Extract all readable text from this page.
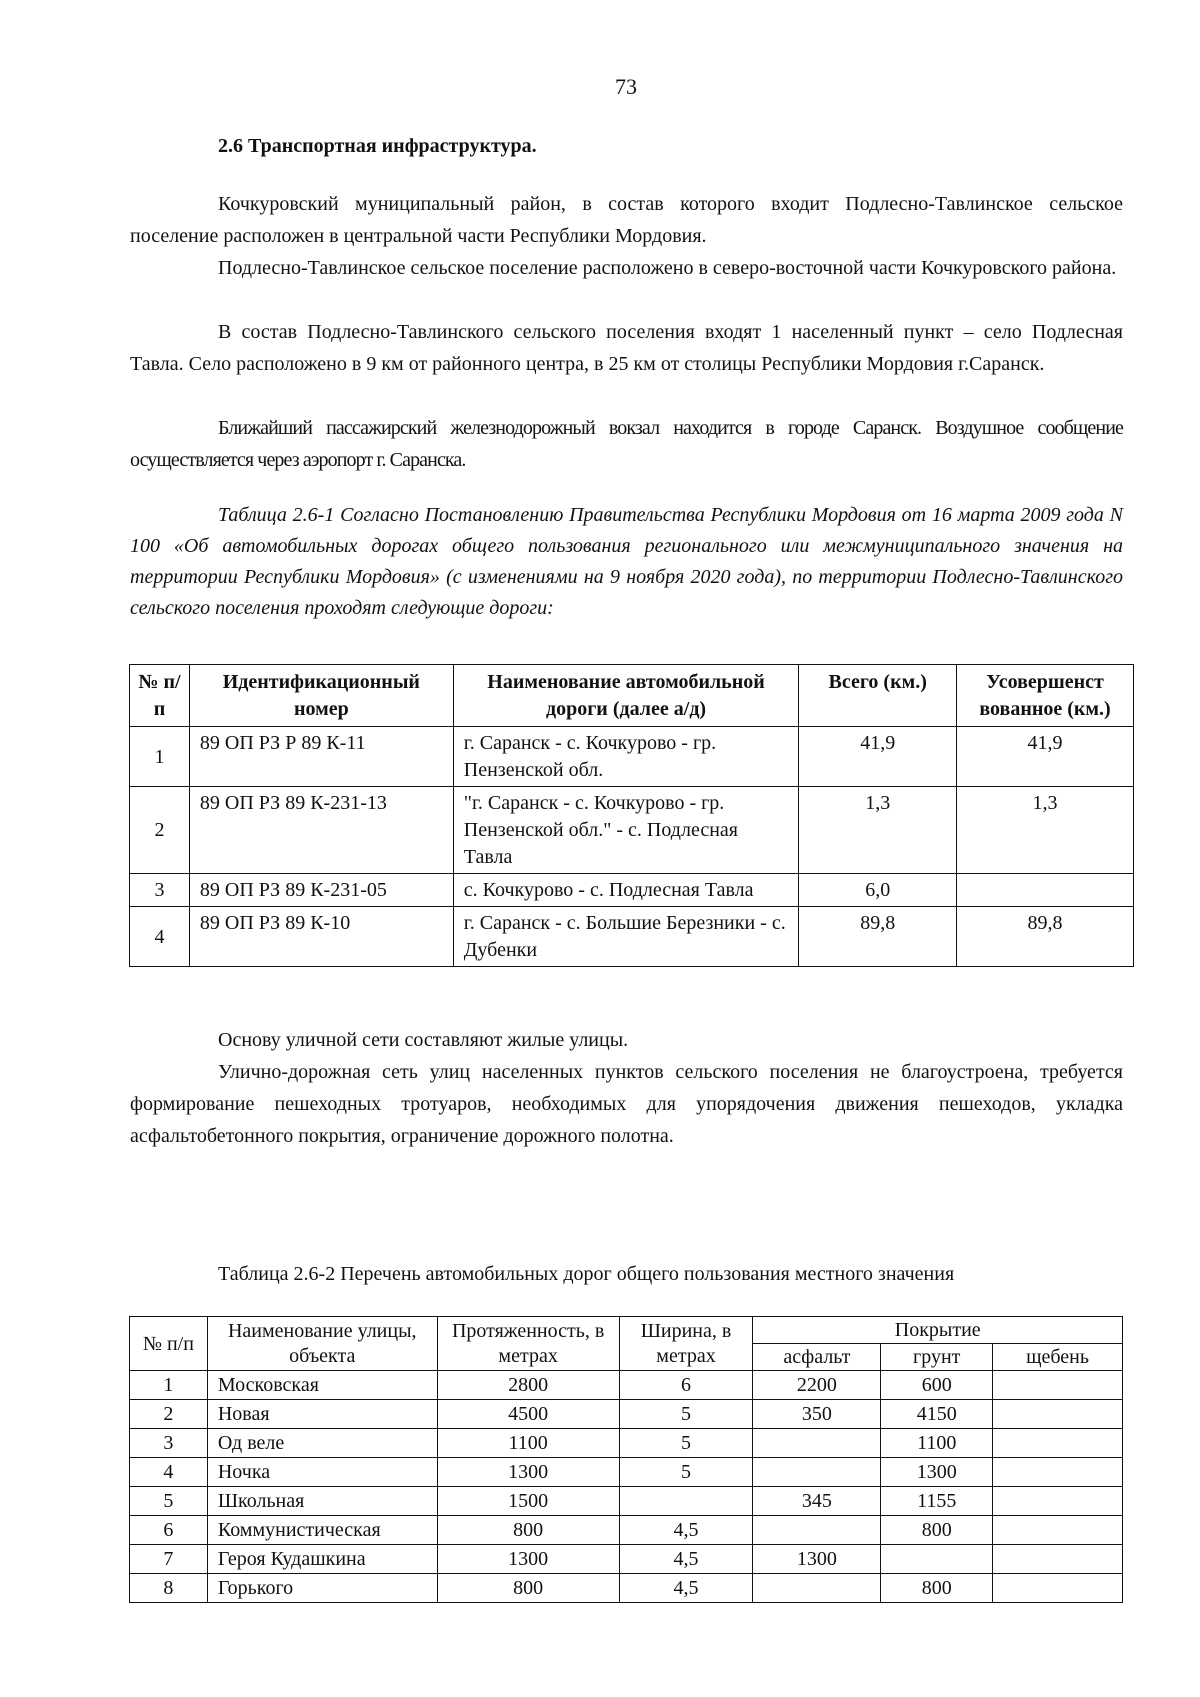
73
2.6 Транспортная инфраструктура.

Кочкуровский муниципальный район, в состав которого входит Подлесно-Тавлинское сельское поселение расположен в центральной части Республики Мордовия.

Подлесно-Тавлинское сельское поселение расположено в северо-восточной части Кочкуровского района.

В состав Подлесно-Тавлинского сельского поселения входят 1 населенный пункт – село Подлесная Тавла. Село расположено в 9 км от районного центра, в 25 км от столицы Республики Мордовия г.Саранск.

Ближайший пассажирский железнодорожный вокзал находится в городе Саранск. Воздушное сообщение осуществляется через аэропорт г. Саранска.

Таблица 2.6-1 Согласно Постановлению Правительства Республики Мордовия от 16 марта 2009 года N 100 «Об автомобильных дорогах общего пользования регионального или межмуниципального значения на территории Республики Мордовия» (с изменениями на 9 ноября 2020 года), по территории Подлесно-Тавлинского сельского поселения проходят следующие дороги:

№ п/п	Идентификационный номер	Наименование автомобильной дороги (далее а/д)	Всего (км.)	Усовершенст вованное (км.)
1	89 ОП РЗ Р 89 К-11	г. Саранск - с. Кочкурово - гр. Пензенской обл.	41,9	41,9
2	89 ОП РЗ 89 К-231-13	"г. Саранск - с. Кочкурово - гр. Пензенской обл." - с. Подлесная Тавла	1,3	1,3
3	89 ОП РЗ 89 К-231-05	с. Кочкурово - с. Подлесная Тавла	6,0	
4	89 ОП РЗ 89 К-10	г. Саранск - с. Большие Березники - с. Дубенки	89,8	89,8

Основу уличной сети составляют жилые улицы.

Улично-дорожная сеть улиц населенных пунктов сельского поселения не благоустроена, требуется формирование пешеходных тротуаров, необходимых для упорядочения движения пешеходов, укладка асфальтобетонного покрытия, ограничение дорожного полотна.

Таблица 2.6-2 Перечень автомобильных дорог общего пользования местного значения
№ п/п	Наименование улицы, объекта	Протяженность, в метрах	Ширина, в метрах	Покрытие		
				асфальт	грунт	щебень
1	Московская	2800	6	2200	600	
2	Новая	4500	5	350	4150	
3	Од веле	1100	5		1100	
4	Ночка	1300	5		1300	
5	Школьная	1500		345	1155	
6	Коммунистическая	800	4,5		800	
7	Героя Кудашкина	1300	4,5	1300		
8	Горького	800	4,5		800	
